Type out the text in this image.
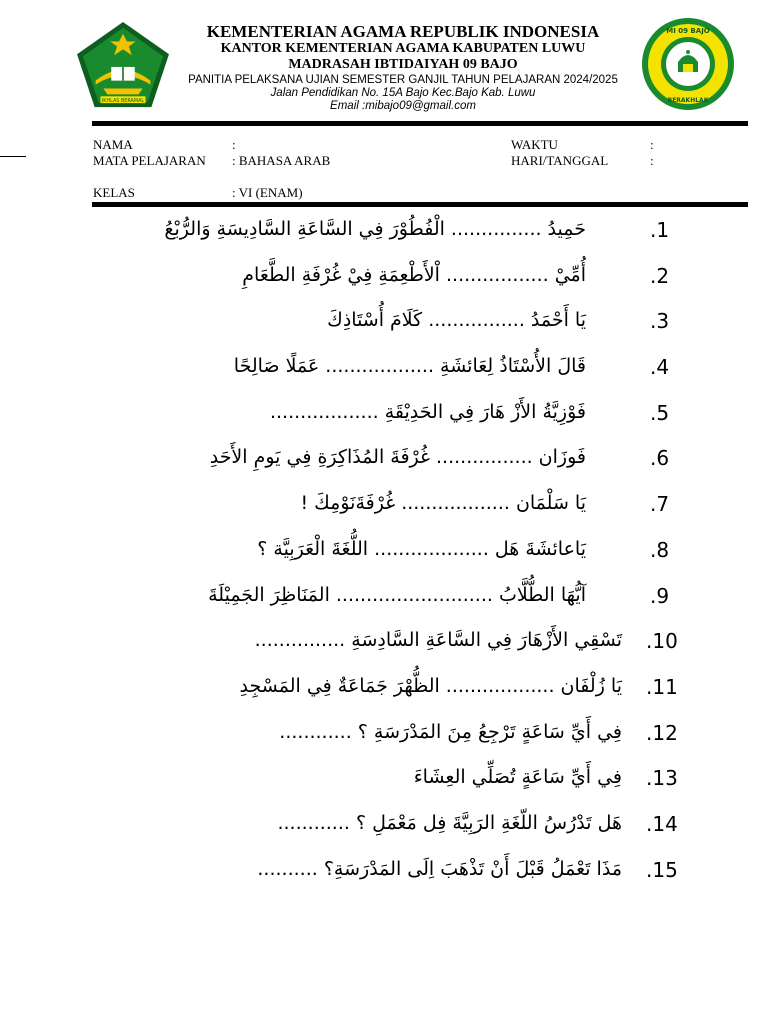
IKHLAS BERAMAL
KEMENTERIAN AGAMA REPUBLIK INDONESIA
KANTOR KEMENTERIAN AGAMA KABUPATEN LUWU
MADRASAH IBTIDAIYAH 09 BAJO
PANITIA PELAKSANA UJIAN SEMESTER GANJIL TAHUN PELAJARAN 2024/2025
Jalan Pendidikan No. 15A Bajo Kec.Bajo Kab. Luwu
Email :mibajo09@gmail.com
MI 09 BAJO
BERAKHLAK
NAMA	:
MATA PELAJARAN : BAHASA ARAB
KELAS	: VI (ENAM)
WAKTU	:
HARI/TANGGAL	:
.1
حَمِيدُ ............... الْفُطُوْرَ فِي السَّاعَةِ السَّادِيسَةِ وَالرُّبْعُ
.2
أُمِّيْ ................. اْلأَطْعِمَةِ فِيْ غُرْفَةِ الطَّعَامِ
.3
يَا أَحْمَدُ ................ كَلَامَ أُسْتَاذِكَ
.4
قَالَ الأُسْتَاذُ لِعَائشَةِ .................. عَمَلًا صَالِحًا
.5
فَوْزِيَّةُ الأَزْ هَارَ فِي الحَدِيْقَةِ ..................
.6
فَوزَان ................ غُرْفَةَ المُذَاكِرَةِ فِي يَومِ الأَحَدِ
.7
يَا سَلْمَان .................. غُرْفَةَنَوْمِكَ !
.8
يَاعائشَةَ هَل ................... اللُّغَةَ الْعَرَبِيَّة ؟
.9
آيُّهَا الطُّلَّابُ .......................... المَنَاظِرَ الجَمِيْلَةَ
.10
تَسْقِي الأَزْهَارَ فِي السَّاعَةِ السَّادِسَةِ ...............
.11
يَا زُلْفَان .................. الظُّهْرَ جَمَاعَةٌ فِي المَسْجِدِ
.12
فِي أَيِّ سَاعَةٍ تَرْجِعُ مِنَ المَدْرَسَةِ ؟ ............
.13
فِي أَيِّ سَاعَةٍ تُصَلِّي العِشَاءَ
.14
هَل تَدْرُسُ اللّغَةِ الرَبِيَّةَ فِل مَعْمَلِ ؟ ............
.15
مَذَا تَعْمَلُ قَبْلَ أَنْ تَذْهَبَ اِلَى المَدْرَسَةِ؟ ..........
